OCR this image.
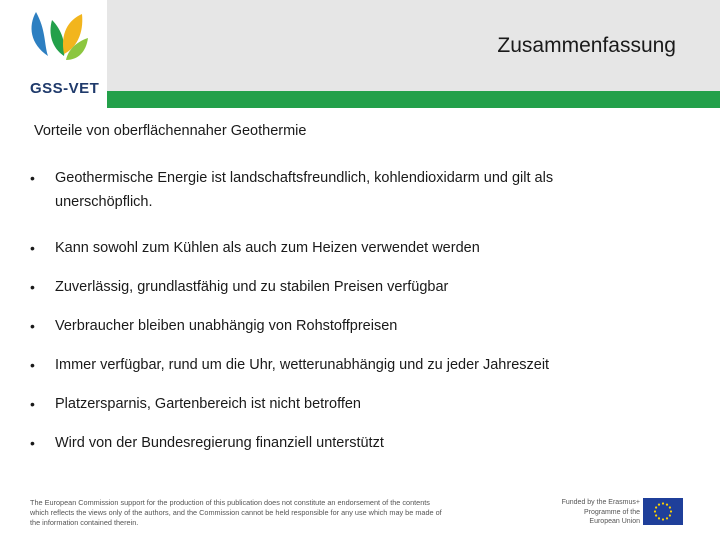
GSS-VET
Zusammenfassung
Vorteile von oberflächennaher Geothermie
• Geothermische Energie ist landschaftsfreundlich, kohlendioxidarm und gilt als unerschöpflich.
• Kann sowohl zum Kühlen als auch zum Heizen verwendet werden
• Zuverlässig, grundlastfähig und zu stabilen Preisen verfügbar
• Verbraucher bleiben unabhängig von Rohstoffpreisen
• Immer verfügbar, rund um die Uhr, wetterunabhängig und zu jeder Jahreszeit
• Platzersparnis, Gartenbereich ist nicht betroffen
• Wird von der Bundesregierung finanziell unterstützt
The European Commission support for the production of this publication does not constitute an endorsement of the contents which reflects the views only of the authors, and the Commission cannot be held responsible for any use which may be made of the information contained therein.
Funded by the Erasmus+ Programme of the European Union
